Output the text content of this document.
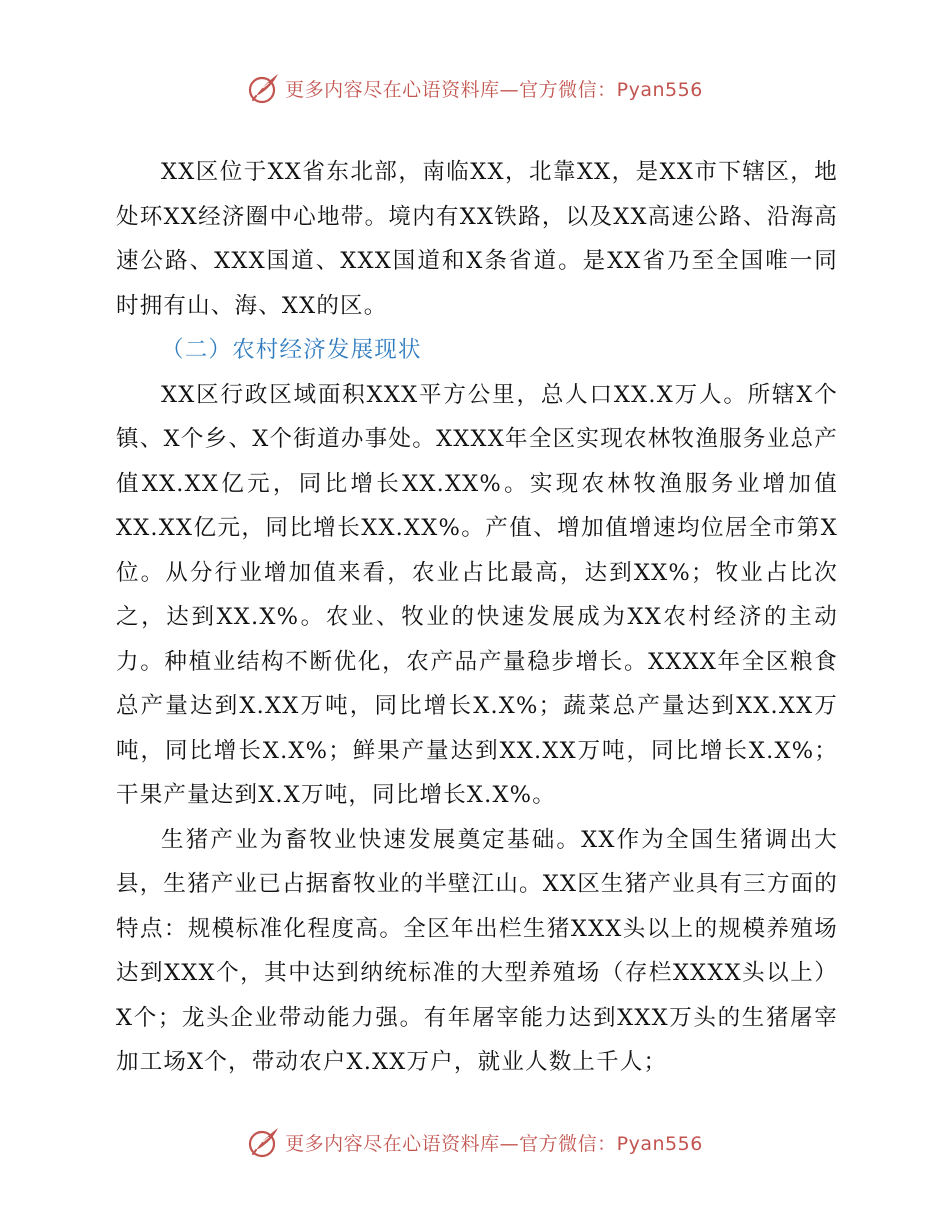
更多内容尽在心语资料库—官方微信：Pyan556

XX区位于XX省东北部，南临XX，北靠XX，是XX市下辖区，地处环XX经济圈中心地带。境内有XX铁路，以及XX高速公路、沿海高速公路、XXX国道、XXX国道和X条省道。是XX省乃至全国唯一同时拥有山、海、XX的区。

（二）农村经济发展现状

XX区行政区域面积XXX平方公里，总人口XX.X万人。所辖X个镇、X个乡、X个街道办事处。XXXX年全区实现农林牧渔服务业总产值XX.XX亿元，同比增长XX.XX%。实现农林牧渔服务业增加值XX.XX亿元，同比增长XX.XX%。产值、增加值增速均位居全市第X位。从分行业增加值来看，农业占比最高，达到XX%；牧业占比次之，达到XX.X%。农业、牧业的快速发展成为XX农村经济的主动力。种植业结构不断优化，农产品产量稳步增长。XXXX年全区粮食总产量达到X.XX万吨，同比增长X.X%；蔬菜总产量达到XX.XX万吨，同比增长X.X%；鲜果产量达到XX.XX万吨，同比增长X.X%；干果产量达到X.X万吨，同比增长X.X%。

生猪产业为畜牧业快速发展奠定基础。XX作为全国生猪调出大县，生猪产业已占据畜牧业的半壁江山。XX区生猪产业具有三方面的特点：规模标准化程度高。全区年出栏生猪XXX头以上的规模养殖场达到XXX个，其中达到纳统标准的大型养殖场（存栏XXXX头以上）X个；龙头企业带动能力强。有年屠宰能力达到XXX万头的生猪屠宰加工场X个，带动农户X.XX万户，就业人数上千人；

更多内容尽在心语资料库—官方微信：Pyan556
